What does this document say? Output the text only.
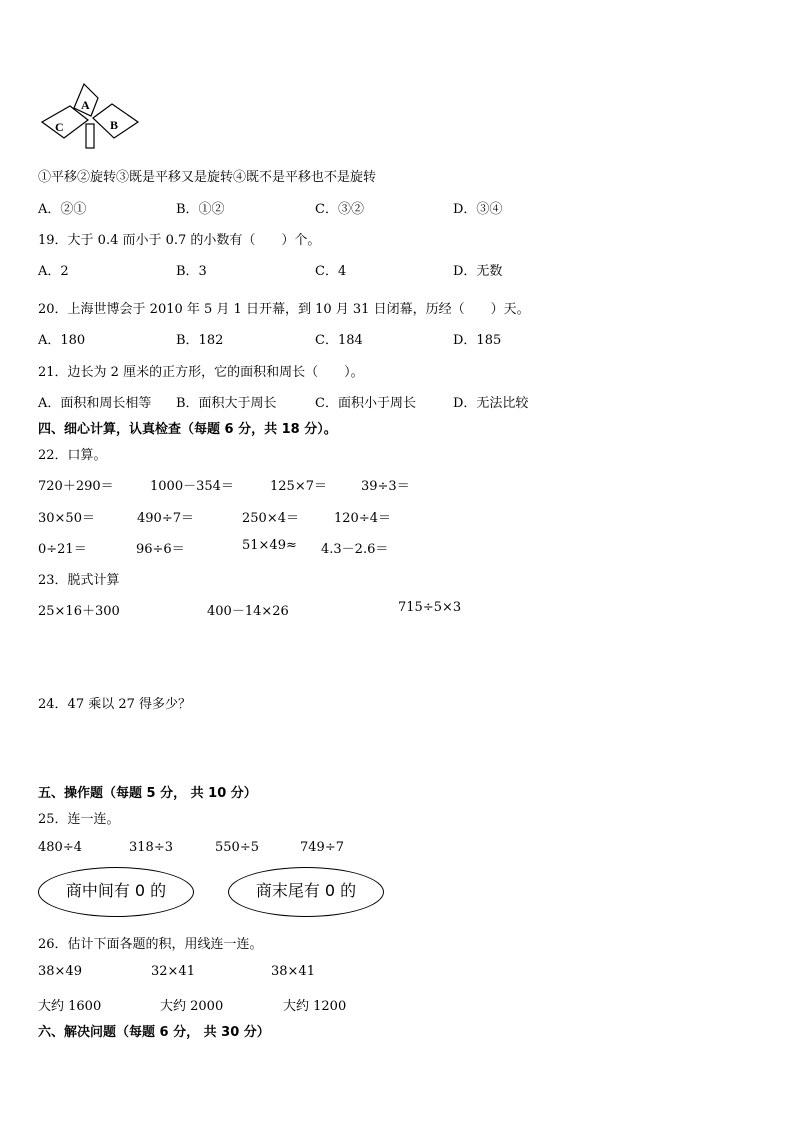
A
B
C
①平移②旋转③既是平移又是旋转④既不是平移也不是旋转
A．②①	B．①②	C．③②	D．③④
19．大于 0.4 而小于 0.7 的小数有（　　）个。
A．2	B．3	C．4	D．无数
20．上海世博会于 2010 年 5 月 1 日开幕，到 10 月 31 日闭幕，历经（　　）天。
A．180	B．182	C．184	D．185
21．边长为 2 厘米的正方形，它的面积和周长（　　）。
A．面积和周长相等 B．面积大于周长	C．面积小于周长	D．无法比较
四、细心计算，认真检查（每题 6 分，共 18 分）。
22．口算。
720＋290＝	1000－354＝	125×7＝	39÷3＝
30×50＝	490÷7＝	250×4＝	120÷4＝
0÷21＝	96÷6＝	51×49≈ 4.3－2.6＝
23．脱式计算
25×16＋300	400－14×26	715÷5×3
24．47 乘以 27 得多少？
五、操作题（每题 5 分， 共 10 分）
25．连一连。
480÷4	318÷3	550÷5	749÷7
商中间有 0 的	商末尾有 0 的
26．估计下面各题的积，用线连一连。
38×49	32×41	38×41
大约 1600	大约 2000	大约 1200
六、解决问题（每题 6 分， 共 30 分）
